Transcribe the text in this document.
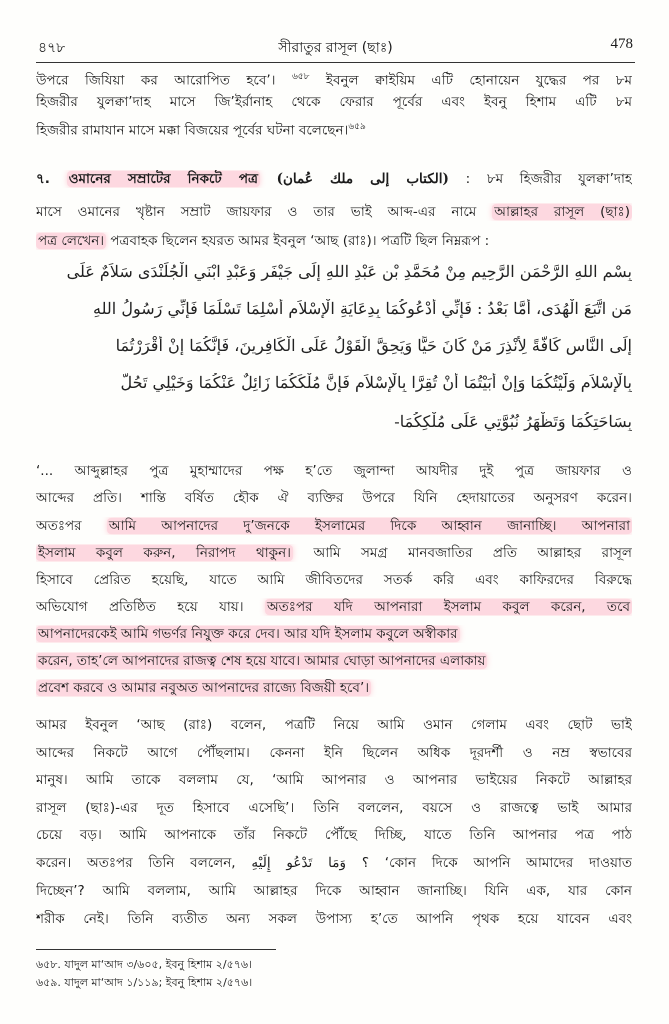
৪৭৮	সীরাতুর রাসূল (ছাঃ)	478
উপরে জিযিয়া কর আরোপিত হবে’। $^{৬৫৮}$ ইবনুল ক্বাইয়িম এটি হোনায়েন যুদ্ধের পর ৮ম
হিজরীর যুলক্বা’দাহ মাসে জি’ইর্রানাহ থেকে ফেরার পূর্বের এবং ইবনু হিশাম এটি ৮ম
হিজরীর রামাযান মাসে মক্কা বিজয়ের পূর্বের ঘটনা বলেছেন।$^{৬৫৯}$
৭. ওমানের সম্রাটের নিকটে পত্র (الكتاب إلى ملك عُمان) : ৮ম হিজরীর যুলক্বা’দাহ
মাসে ওমানের খৃষ্টান সম্রাট জায়ফার ও তার ভাই আব্দ-এর নামে আল্লাহর রাসূল (ছাঃ)
পত্র লেখেন। পত্রবাহক ছিলেন হযরত আমর ইবনুল ‘আছ (রাঃ)। পত্রটি ছিল নিম্নরূপ :
بِسْمِ اللهِ الرَّحْمَنِ الرَّحِيمِ مِنْ مُحَمَّدِ بْنِ عَبْدِ اللهِ إِلَى جَيْفَرٍ وَعَبْدِ ابْنَيِ الْجُلَنْدَى سَلاَمٌ عَلَى
مَنِ اتَّبَعَ الْهُدَى، أَمَّا بَعْدُ : فَإِنِّي أَدْعُوكُمَا بِدِعَايَةِ الْإِسْلاَمِ أَسْلِمَا تَسْلَمَا فَإِنِّي رَسُولُ اللهِ
إِلَى النَّاسِ كَافَّةً لِأُنْذِرَ مَنْ كَانَ حَيًّا وَيَحِقَّ الْقَوْلُ عَلَى الْكَافِرِينَ، فَإِنَّكُمَا إِنْ أَقْرَرْتُمَا
بِالْإِسْلاَمِ وَلَّيْتُكُمَا وَإِنْ أَبَيْتُمَا أَنْ تُقِرَّا بِالْإِسْلاَمِ فَإِنَّ مُلْكَكُمَا زَائِلٌ عَنْكُمَا وَخَيْلِي تَحُلُّ
بِسَاحَتِكُمَا وَتَظْهَرُ نُبُوَّتِي عَلَى مُلْكِكُمَا-
‘... আব্দুল্লাহর পুত্র মুহাম্মাদের পক্ষ হ’তে জুলান্দা আযদীর দুই পুত্র জায়ফার ও
আব্দের প্রতি। শান্তি বর্ষিত হৌক ঐ ব্যক্তির উপরে যিনি হেদায়াতের অনুসরণ করেন।
অতঃপর আমি আপনাদের দু’জনকে ইসলামের দিকে আহ্বান জানাচ্ছি। আপনারা
ইসলাম কবুল করুন, নিরাপদ থাকুন। আমি সমগ্র মানবজাতির প্রতি আল্লাহর রাসূল
হিসাবে প্রেরিত হয়েছি, যাতে আমি জীবিতদের সতর্ক করি এবং কাফিরদের বিরুদ্ধে
অভিযোগ প্রতিষ্ঠিত হয়ে যায়। অতঃপর যদি আপনারা ইসলাম কবুল করেন, তবে
আপনাদেরকেই আমি গভর্ণর নিযুক্ত করে দেব। আর যদি ইসলাম কবুলে অস্বীকার
করেন, তাহ’লে আপনাদের রাজত্ব শেষ হয়ে যাবে। আমার ঘোড়া আপনাদের এলাকায়
প্রবেশ করবে ও আমার নবুঅত আপনাদের রাজ্যে বিজয়ী হবে’।
আমর ইবনুল ‘আছ (রাঃ) বলেন, পত্রটি নিয়ে আমি ওমান গেলাম এবং ছোট ভাই
আব্দের নিকটে আগে পৌঁছলাম। কেননা ইনি ছিলেন অধিক দূরদর্শী ও নম্র স্বভাবের
মানুষ। আমি তাকে বললাম যে, ‘আমি আপনার ও আপনার ভাইয়ের নিকটে আল্লাহর
রাসূল (ছাঃ)-এর দূত হিসাবে এসেছি’। তিনি বললেন, বয়সে ও রাজত্বে ভাই আমার
চেয়ে বড়। আমি আপনাকে তাঁর নিকটে পৌঁছে দিচ্ছি, যাতে তিনি আপনার পত্র পাঠ
করেন। অতঃপর তিনি বললেন, ؟ وَمَا تَدْعُو إِلَيْهِ ‘কোন দিকে আপনি আমাদের দাওয়াত
দিচ্ছেন’? আমি বললাম, আমি আল্লাহর দিকে আহ্বান জানাচ্ছি। যিনি এক, যার কোন
শরীক নেই। তিনি ব্যতীত অন্য সকল উপাস্য হ’তে আপনি পৃথক হয়ে যাবেন এবং
৬৫৮. যাদুল মা‘আদ ৩/৬০৫, ইবনু হিশাম ২/৫৭৬।
৬৫৯. যাদুল মা‘আদ ১/১১৯; ইবনু হিশাম ২/৫৭৬।
